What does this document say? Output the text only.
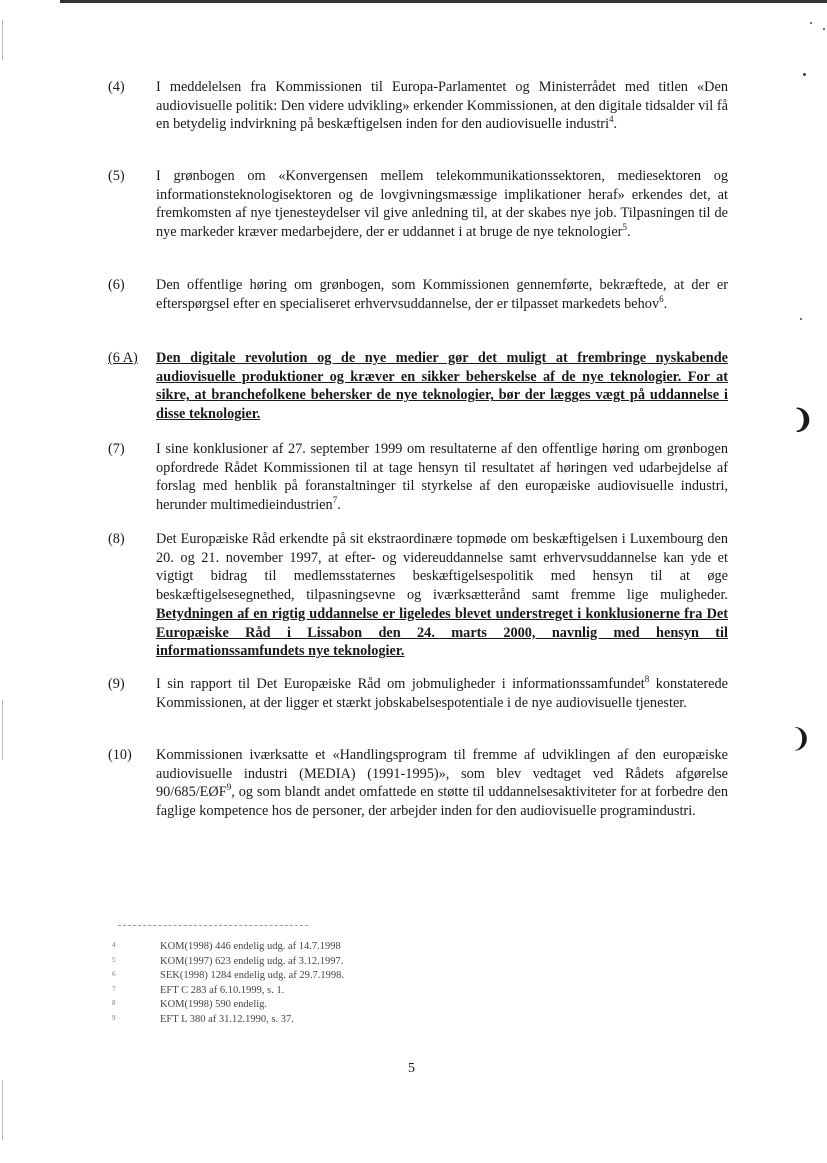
❩
❩
(4) I meddelelsen fra Kommissionen til Europa-Parlamentet og Ministerrådet med titlen «Den audiovisuelle politik: Den videre udvikling» erkender Kommissionen, at den digitale tidsalder vil få en betydelig indvirkning på beskæftigelsen inden for den audiovisuelle industri$^4$.
(5) I grønbogen om «Konvergensen mellem telekommunikationssektoren, mediesektoren og informationsteknologisektoren og de lovgivningsmæssige implikationer heraf» erkendes det, at fremkomsten af nye tjenesteydelser vil give anledning til, at der skabes nye job. Tilpasningen til de nye markeder kræver medarbejdere, der er uddannet i at bruge de nye teknologier$^5$.
(6) Den offentlige høring om grønbogen, som Kommissionen gennemførte, bekræftede, at der er efterspørgsel efter en specialiseret erhvervsuddannelse, der er tilpasset markedets behov$^6$.
(6 A) Den digitale revolution og de nye medier gør det muligt at frembringe nyskabende audiovisuelle produktioner og kræver en sikker beherskelse af de nye teknologier. For at sikre, at branchefolkene behersker de nye teknologier, bør der lægges vægt på uddannelse i disse teknologier.
(7) I sine konklusioner af 27. september 1999 om resultaterne af den offentlige høring om grønbogen opfordrede Rådet Kommissionen til at tage hensyn til resultatet af høringen ved udarbejdelse af forslag med henblik på foranstaltninger til styrkelse af den europæiske audiovisuelle industri, herunder multimedieindustrien$^7$.
(8) Det Europæiske Råd erkendte på sit ekstraordinære topmøde om beskæftigelsen i Luxembourg den 20. og 21. november 1997, at efter- og videreuddannelse samt erhvervsuddannelse kan yde et vigtigt bidrag til medlemsstaternes beskæftigelsespolitik med hensyn til at øge beskæftigelsesegnethed, tilpasningsevne og iværksætterånd samt fremme lige muligheder. Betydningen af en rigtig uddannelse er ligeledes blevet understreget i konklusionerne fra Det Europæiske Råd i Lissabon den 24. marts 2000, navnlig med hensyn til informationssamfundets nye teknologier.
(9) I sin rapport til Det Europæiske Råd om jobmuligheder i informationssamfundet$^8$ konstaterede Kommissionen, at der ligger et stærkt jobskabelsespotentiale i de nye audiovisuelle tjenester.
(10) Kommissionen iværksatte et «Handlingsprogram til fremme af udviklingen af den europæiske audiovisuelle industri (MEDIA) (1991-1995)», som blev vedtaget ved Rådets afgørelse 90/685/EØF$^9$, og som blandt andet omfattede en støtte til uddannelsesaktiviteter for at forbedre den faglige kompetence hos de personer, der arbejder inden for den audiovisuelle programindustri.
4	KOM(1998) 446 endelig udg. af 14.7.1998
5	KOM(1997) 623 endelig udg. af 3.12.1997.
6	SEK(1998) 1284 endelig udg. af 29.7.1998.
7	EFT C 283 af 6.10.1999, s. 1.
8	KOM(1998) 590 endelig.
9	EFT L 380 af 31.12.1990, s. 37.
5
